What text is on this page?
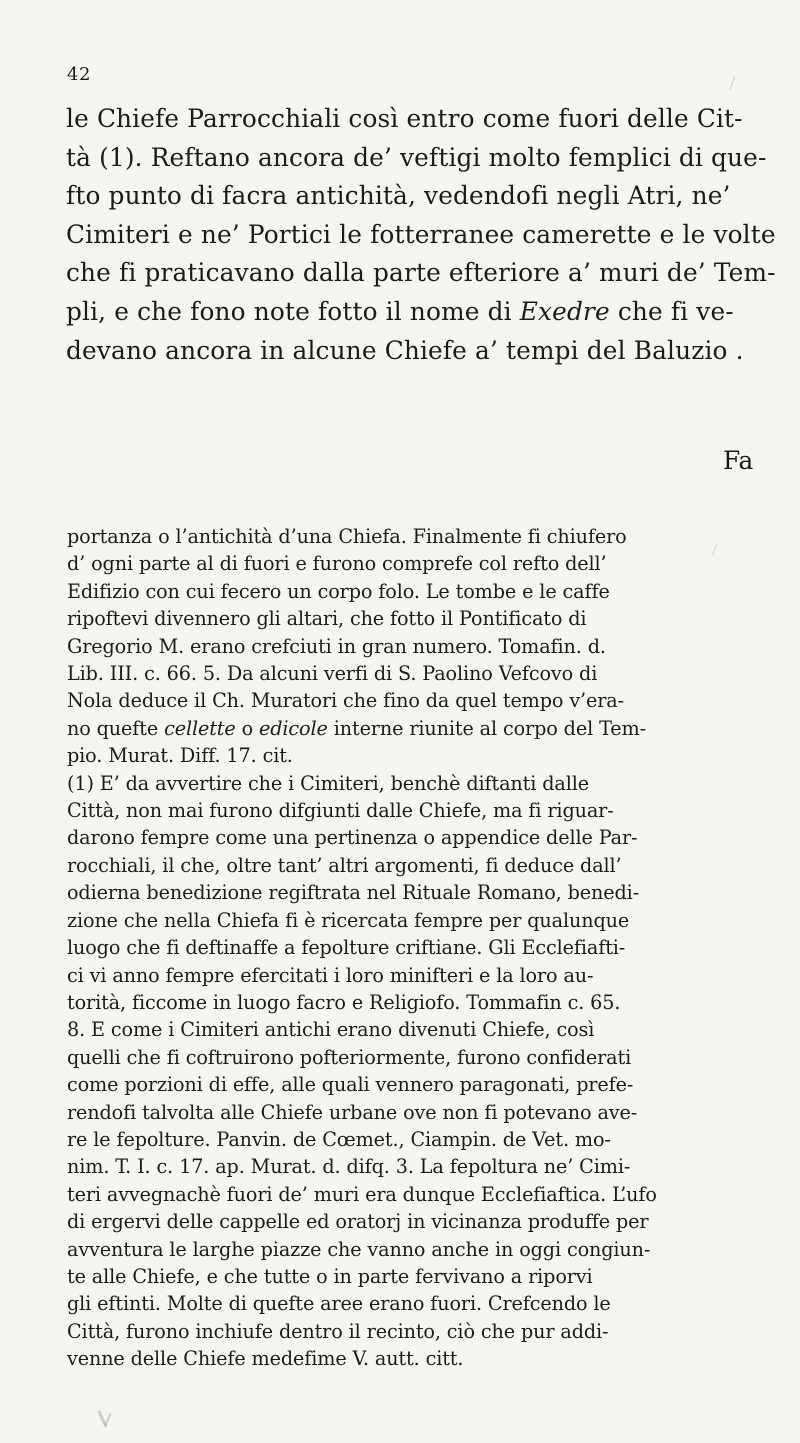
42
le Chiefe Parrocchiali così entro come fuori delle Cit-
tà (1). Reftano ancora de’ veftigi molto femplici di que-
fto punto di facra antichità, vedendofi negli Atri, ne’
Cimiteri e ne’ Portici le fotterranee camerette e le volte
che fi praticavano dalla parte efteriore a’ muri de’ Tem-
pli, e che fono note fotto il nome di Exedre che fi ve-
devano ancora in alcune Chiefe a’ tempi del Baluzio .
Fa
portanza o l’antichità d’una Chiefa. Finalmente fi chiufero
d’ ogni parte al di fuori e furono comprefe col refto dell’
Edifizio con cui fecero un corpo folo. Le tombe e le caffe
ripoftevi divennero gli altari, che fotto il Pontificato di
Gregorio M. erano crefciuti in gran numero. Tomafin. d.
Lib. III. c. 66. 5. Da alcuni verfi di S. Paolino Vefcovo di
Nola deduce il Ch. Muratori che fino da quel tempo v’era-
no quefte cellette o edicole interne riunite al corpo del Tem-
pio. Murat. Diff. 17. cit.
(1) E’ da avvertire che i Cimiteri, benchè diftanti dalle
Città, non mai furono difgiunti dalle Chiefe, ma fi riguar-
darono fempre come una pertinenza o appendice delle Par-
rocchiali, il che, oltre tant’ altri argomenti, fi deduce dall’
odierna benedizione regiftrata nel Rituale Romano, benedi-
zione che nella Chiefa fi è ricercata fempre per qualunque
luogo che fi deftinaffe a fepolture criftiane. Gli Ecclefiafti-
ci vi anno fempre efercitati i loro minifteri e la loro au-
torità, ficcome in luogo facro e Religiofo. Tommafin c. 65.
8. E come i Cimiteri antichi erano divenuti Chiefe, così
quelli che fi coftruirono pofteriormente, furono confiderati
come porzioni di effe, alle quali vennero paragonati, prefe-
rendofi talvolta alle Chiefe urbane ove non fi potevano ave-
re le fepolture. Panvin. de Cœmet., Ciampin. de Vet. mo-
nim. T. I. c. 17. ap. Murat. d. difq. 3. La fepoltura ne’ Cimi-
teri avvegnachè fuori de’ muri era dunque Ecclefiaftica. L’ufo
di ergervi delle cappelle ed oratorj in vicinanza produffe per
avventura le larghe piazze che vanno anche in oggi congiun-
te alle Chiefe, e che tutte o in parte fervivano a riporvi
gli eftinti. Molte di quefte aree erano fuori. Crefcendo le
Città, furono inchiufe dentro il recinto, ciò che pur addi-
venne delle Chiefe medefime V. autt. citt.
